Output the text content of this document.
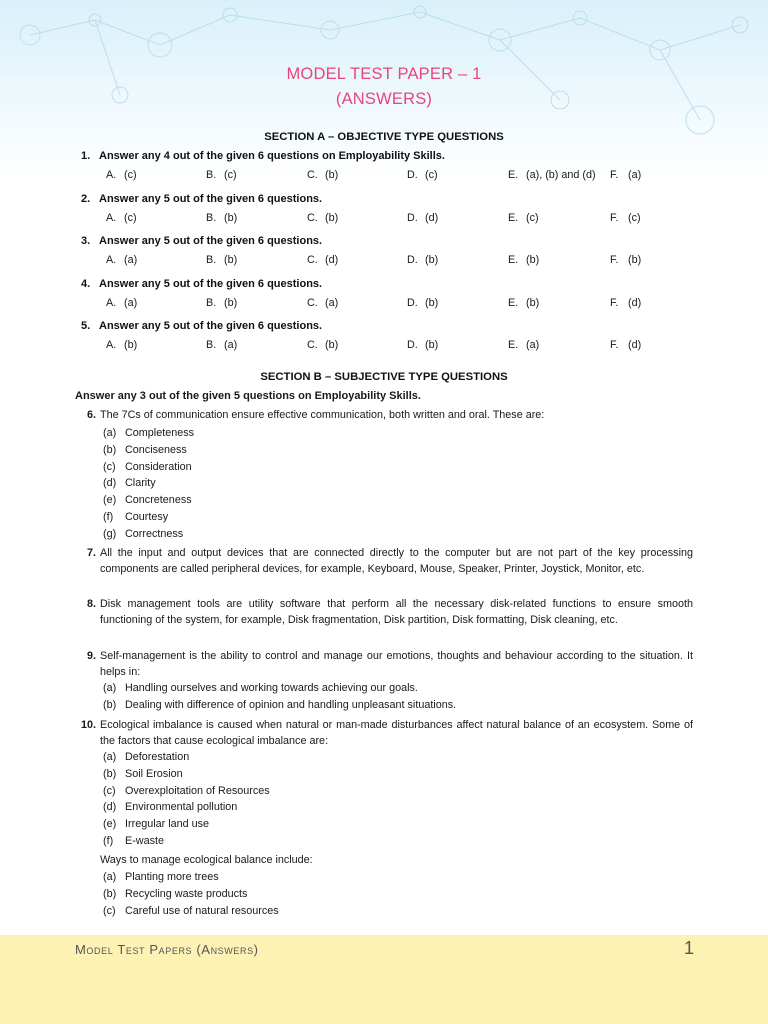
MODEL TEST PAPER – 1
(ANSWERS)
SECTION A – OBJECTIVE TYPE QUESTIONS
1. Answer any 4 out of the given 6 questions on Employability Skills.
A. (c)	B. (c)	C. (b)	D. (c)	E. (a), (b) and (d) F. (a)
2. Answer any 5 out of the given 6 questions.
A. (c)	B. (b)	C. (b)	D. (d)	E. (c)	F. (c)
3. Answer any 5 out of the given 6 questions.
A. (a)	B. (b)	C. (d)	D. (b)	E. (b)	F. (b)
4. Answer any 5 out of the given 6 questions.
A. (a)	B. (b)	C. (a)	D. (b)	E. (b)	F. (d)
5. Answer any 5 out of the given 6 questions.
A. (b)	B. (a)	C. (b)	D. (b)	E. (a)	F. (d)
SECTION B – SUBJECTIVE TYPE QUESTIONS
Answer any 3 out of the given 5 questions on Employability Skills.
6. The 7Cs of communication ensure effective communication, both written and oral. These are:
(a) Completeness
(b) Conciseness
(c) Consideration
(d) Clarity
(e) Concreteness
(f) Courtesy
(g) Correctness
7. All the input and output devices that are connected directly to the computer but are not part of the key processing components are called peripheral devices, for example, Keyboard, Mouse, Speaker, Printer, Joystick, Monitor, etc.
8. Disk management tools are utility software that perform all the necessary disk-related functions to ensure smooth functioning of the system, for example, Disk fragmentation, Disk partition, Disk formatting, Disk cleaning, etc.
9. Self-management is the ability to control and manage our emotions, thoughts and behaviour according to the situation. It helps in:
(a) Handling ourselves and working towards achieving our goals.
(b) Dealing with difference of opinion and handling unpleasant situations.
10. Ecological imbalance is caused when natural or man-made disturbances affect natural balance of an ecosystem. Some of the factors that cause ecological imbalance are:
(a) Deforestation
(b) Soil Erosion
(c) Overexploitation of Resources
(d) Environmental pollution
(e) Irregular land use
(f) E-waste
Ways to manage ecological balance include:
(a) Planting more trees
(b) Recycling waste products
(c) Careful use of natural resources
Model Test Papers (Answers)	1
